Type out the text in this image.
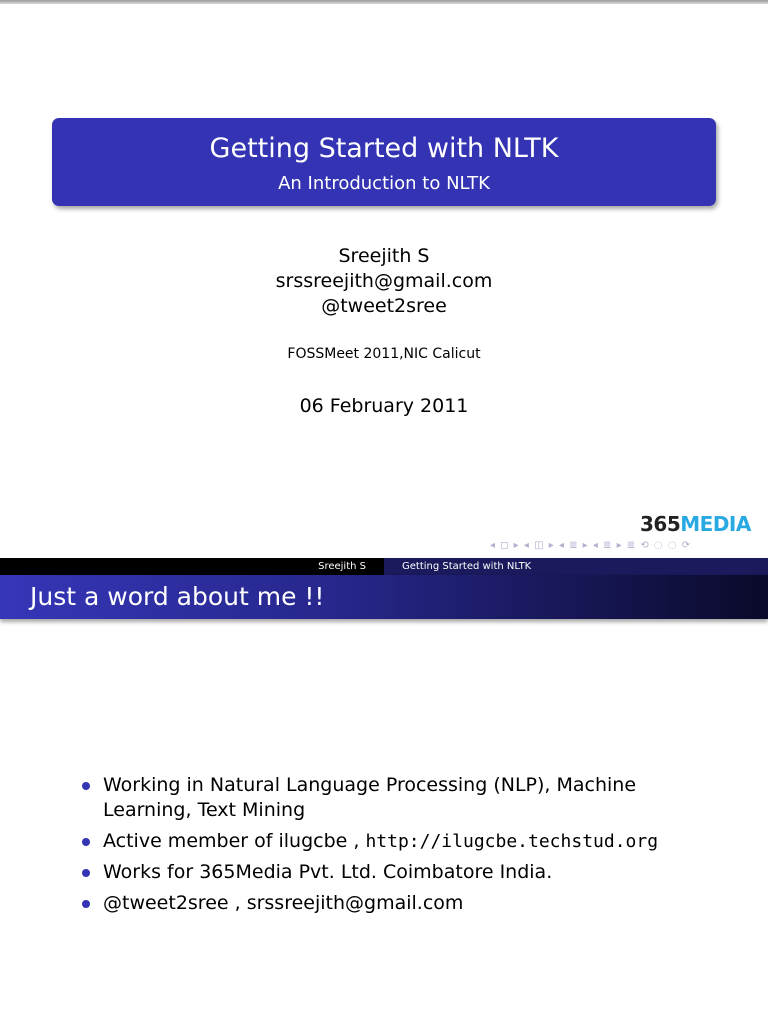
Getting Started with NLTK
An Introduction to NLTK
Sreejith S
srssreejith@gmail.com
@tweet2sree
FOSSMeet 2011,NIC Calicut
06 February 2011
365MEDIA
◂ ◻ ▸ ◂ ◫ ▸ ◂ ≣ ▸ ◂ ≣ ▸ ≣ ⟲ ◌ ◌ ⟳
Sreejith S	Getting Started with NLTK
Just a word about me !!
Working in Natural Language Processing (NLP), Machine Learning, Text Mining
Active member of ilugcbe , http://ilugcbe.techstud.org
Works for 365Media Pvt. Ltd. Coimbatore India.
@tweet2sree , srssreejith@gmail.com
